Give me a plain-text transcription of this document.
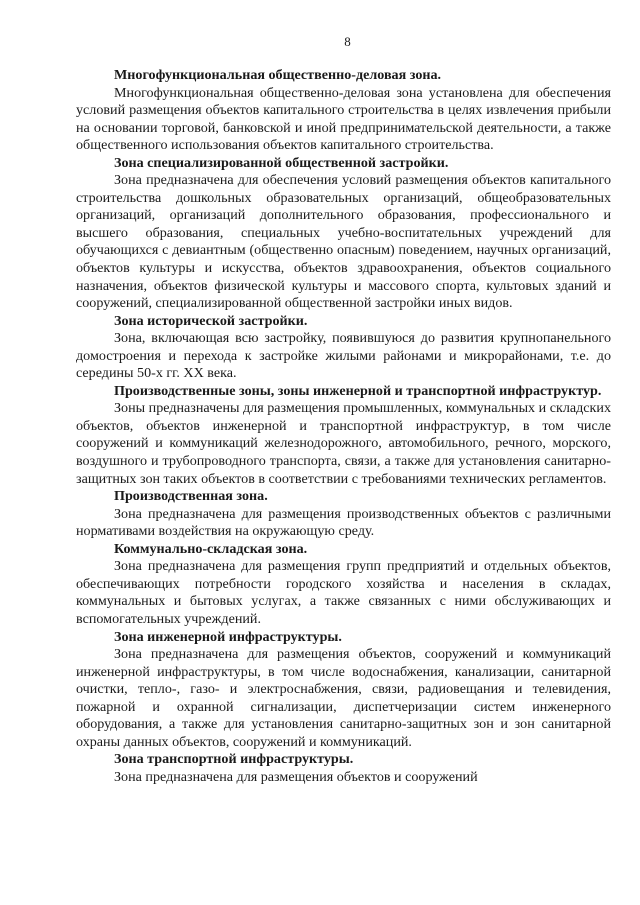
8

Многофункциональная общественно-деловая зона.

Многофункциональная общественно-деловая зона установлена для обеспечения условий размещения объектов капитального строительства в целях извлечения прибыли на основании торговой, банковской и иной предпринимательской деятельности, а также общественного использования объектов капитального строительства.

Зона специализированной общественной застройки.

Зона предназначена для обеспечения условий размещения объектов капитального строительства дошкольных образовательных организаций, общеобразовательных организаций, организаций дополнительного образования, профессионального и высшего образования, специальных учебно-воспитательных учреждений для обучающихся с девиантным (общественно опасным) поведением, научных организаций, объектов культуры и искусства, объектов здравоохранения, объектов социального назначения, объектов физической культуры и массового спорта, культовых зданий и сооружений, специализированной общественной застройки иных видов.

Зона исторической застройки.

Зона, включающая всю застройку, появившуюся до развития крупнопанельного домостроения и перехода к застройке жилыми районами и микрорайонами, т.е. до середины 50-х гг. XX века.

Производственные зоны, зоны инженерной и транспортной инфраструктур.

Зоны предназначены для размещения промышленных, коммунальных и складских объектов, объектов инженерной и транспортной инфраструктур, в том числе сооружений и коммуникаций железнодорожного, автомобильного, речного, морского, воздушного и трубопроводного транспорта, связи, а также для установления санитарно-защитных зон таких объектов в соответствии с требованиями технических регламентов.

Производственная зона.

Зона предназначена для размещения производственных объектов с различными нормативами воздействия на окружающую среду.

Коммунально-складская зона.

Зона предназначена для размещения групп предприятий и отдельных объектов, обеспечивающих потребности городского хозяйства и населения в складах, коммунальных и бытовых услугах, а также связанных с ними обслуживающих и вспомогательных учреждений.

Зона инженерной инфраструктуры.

Зона предназначена для размещения объектов, сооружений и коммуникаций инженерной инфраструктуры, в том числе водоснабжения, канализации, санитарной очистки, тепло-, газо- и электроснабжения, связи, радиовещания и телевидения, пожарной и охранной сигнализации, диспетчеризации систем инженерного оборудования, а также для установления санитарно-защитных зон и зон санитарной охраны данных объектов, сооружений и коммуникаций.

Зона транспортной инфраструктуры.

Зона предназначена для размещения объектов и сооружений
